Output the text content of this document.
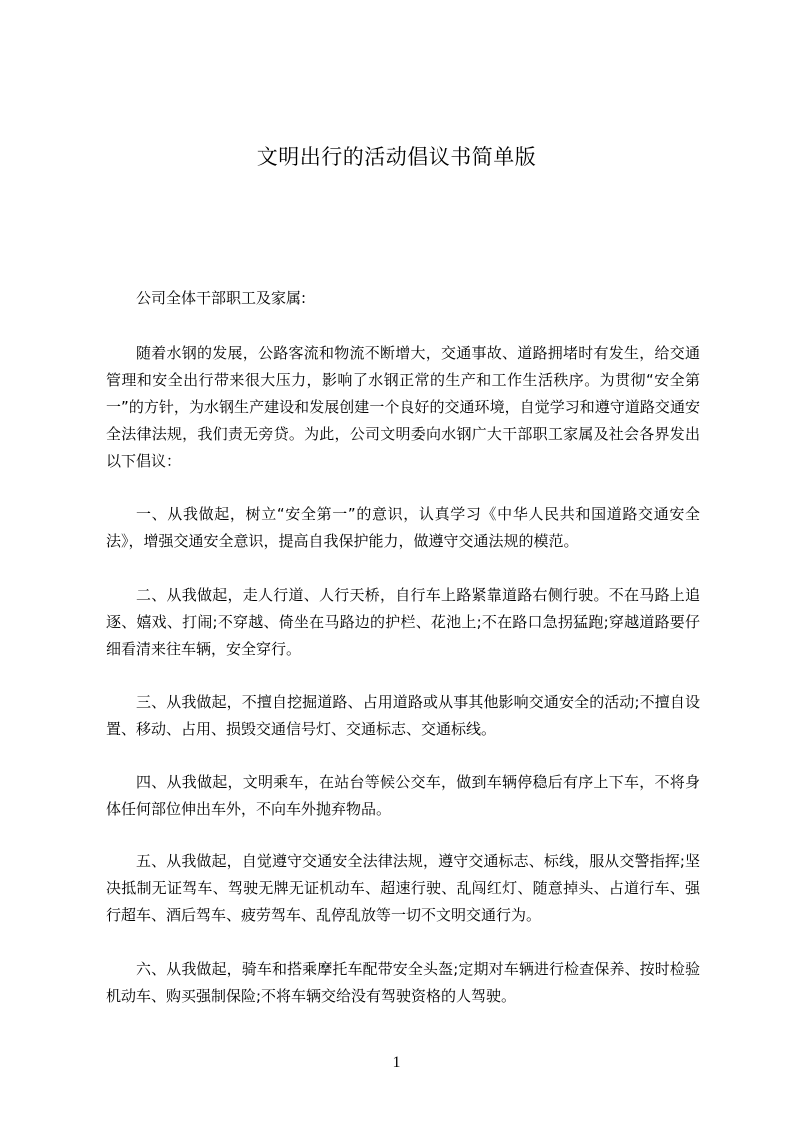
文明出行的活动倡议书简单版

公司全体干部职工及家属:

随着水钢的发展，公路客流和物流不断增大，交通事故、道路拥堵时有发生，给交通管理和安全出行带来很大压力，影响了水钢正常的生产和工作生活秩序。为贯彻“安全第一”的方针，为水钢生产建设和发展创建一个良好的交通环境，自觉学习和遵守道路交通安全法律法规，我们责无旁贷。为此，公司文明委向水钢广大干部职工家属及社会各界发出以下倡议：

一、从我做起，树立“安全第一”的意识，认真学习《中华人民共和国道路交通安全法》，增强交通安全意识，提高自我保护能力，做遵守交通法规的模范。

二、从我做起，走人行道、人行天桥，自行车上路紧靠道路右侧行驶。不在马路上追逐、嬉戏、打闹;不穿越、倚坐在马路边的护栏、花池上;不在路口急拐猛跑;穿越道路要仔细看清来往车辆，安全穿行。

三、从我做起，不擅自挖掘道路、占用道路或从事其他影响交通安全的活动;不擅自设置、移动、占用、损毁交通信号灯、交通标志、交通标线。

四、从我做起，文明乘车，在站台等候公交车，做到车辆停稳后有序上下车，不将身体任何部位伸出车外，不向车外抛弃物品。

五、从我做起，自觉遵守交通安全法律法规，遵守交通标志、标线，服从交警指挥;坚决抵制无证驾车、驾驶无牌无证机动车、超速行驶、乱闯红灯、随意掉头、占道行车、强行超车、酒后驾车、疲劳驾车、乱停乱放等一切不文明交通行为。

六、从我做起，骑车和搭乘摩托车配带安全头盔;定期对车辆进行检查保养、按时检验机动车、购买强制保险;不将车辆交给没有驾驶资格的人驾驶。

1
